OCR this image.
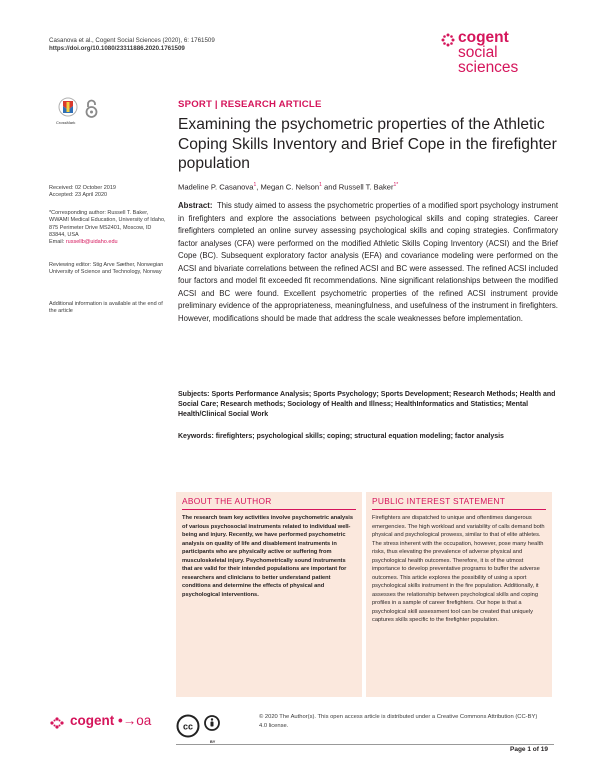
Casanova et al., Cogent Social Sciences (2020), 6: 1761509
https://doi.org/10.1080/23311886.2020.1761509
cogent
social
sciences
CrossMark
SPORT | RESEARCH ARTICLE
Examining the psychometric properties of the Athletic Coping Skills Inventory and Brief Cope in the firefighter population
Madeline P. Casanova$^1$, Megan C. Nelson$^1$ and Russell T. Baker$^{1*}$
Received: 02 October 2019
Accepted: 23 April 2020
*Corresponding author: Russell T. Baker, WWAMI Medical Education, University of Idaho, 875 Perimeter Drive MS2401, Moscow, ID 83844, USA
Email: russellb@uidaho.edu
Reviewing editor: Stig Arve Sæther, Norwegian University of Science and Technology, Norway
Additional information is available at the end of the article
Abstract: This study aimed to assess the psychometric properties of a modified sport psychology instrument in firefighters and explore the associations between psychological skills and coping strategies. Career firefighters completed an online survey assessing psychological skills and coping strategies. Confirmatory factor analyses (CFA) were performed on the modified Athletic Skills Coping Inventory (ACSI) and the Brief Cope (BC). Subsequent exploratory factor analysis (EFA) and covariance modeling were performed on the ACSI and bivariate correlations between the refined ACSI and BC were assessed. The refined ACSI included four factors and model fit exceeded fit recommendations. Nine significant relationships between the modified ACSI and BC were found. Excellent psychometric properties of the refined ACSI instrument provide preliminary evidence of the appropriateness, meaningfulness, and usefulness of the instrument in firefighters. However, modifications should be made that address the scale weaknesses before implementation.
Subjects: Sports Performance Analysis; Sports Psychology; Sports Development; Research Methods; Health and Social Care; Research methods; Sociology of Health and Illness; HealthInformatics and Statistics; Mental Health/Clinical Social Work
Keywords: firefighters; psychological skills; coping; structural equation modeling; factor analysis
ABOUT THE AUTHOR

The research team key activities involve psychometric analysis of various psychosocial instruments related to individual well-being and injury. Recently, we have performed psychometric analysis on quality of life and disablement instruments in participants who are physically active or suffering from musculoskeletal injury. Psychometrically sound instruments that are valid for their intended populations are important for researchers and clinicians to better understand patient conditions and determine the effects of physical and psychological interventions.

PUBLIC INTEREST STATEMENT

Firefighters are dispatched to unique and oftentimes dangerous emergencies. The high workload and variability of calls demand both physical and psychological prowess, similar to that of elite athletes. The stress inherent with the occupation, however, pose many health risks, thus elevating the prevalence of adverse physical and psychological health outcomes. Therefore, it is of the utmost importance to develop preventative programs to buffer the adverse outcomes. This article explores the possibility of using a sport psychological skills instrument in the fire population. Additionally, it assesses the relationship between psychological skills and coping profiles in a sample of career firefighters. Our hope is that a psychological skill assessment tool can be created that uniquely captures skills specific to the firefighter population.

cogent •→oa	cc
BY
© 2020 The Author(s). This open access article is distributed under a Creative Commons Attribution (CC-BY) 4.0 license.
Page 1 of 19
